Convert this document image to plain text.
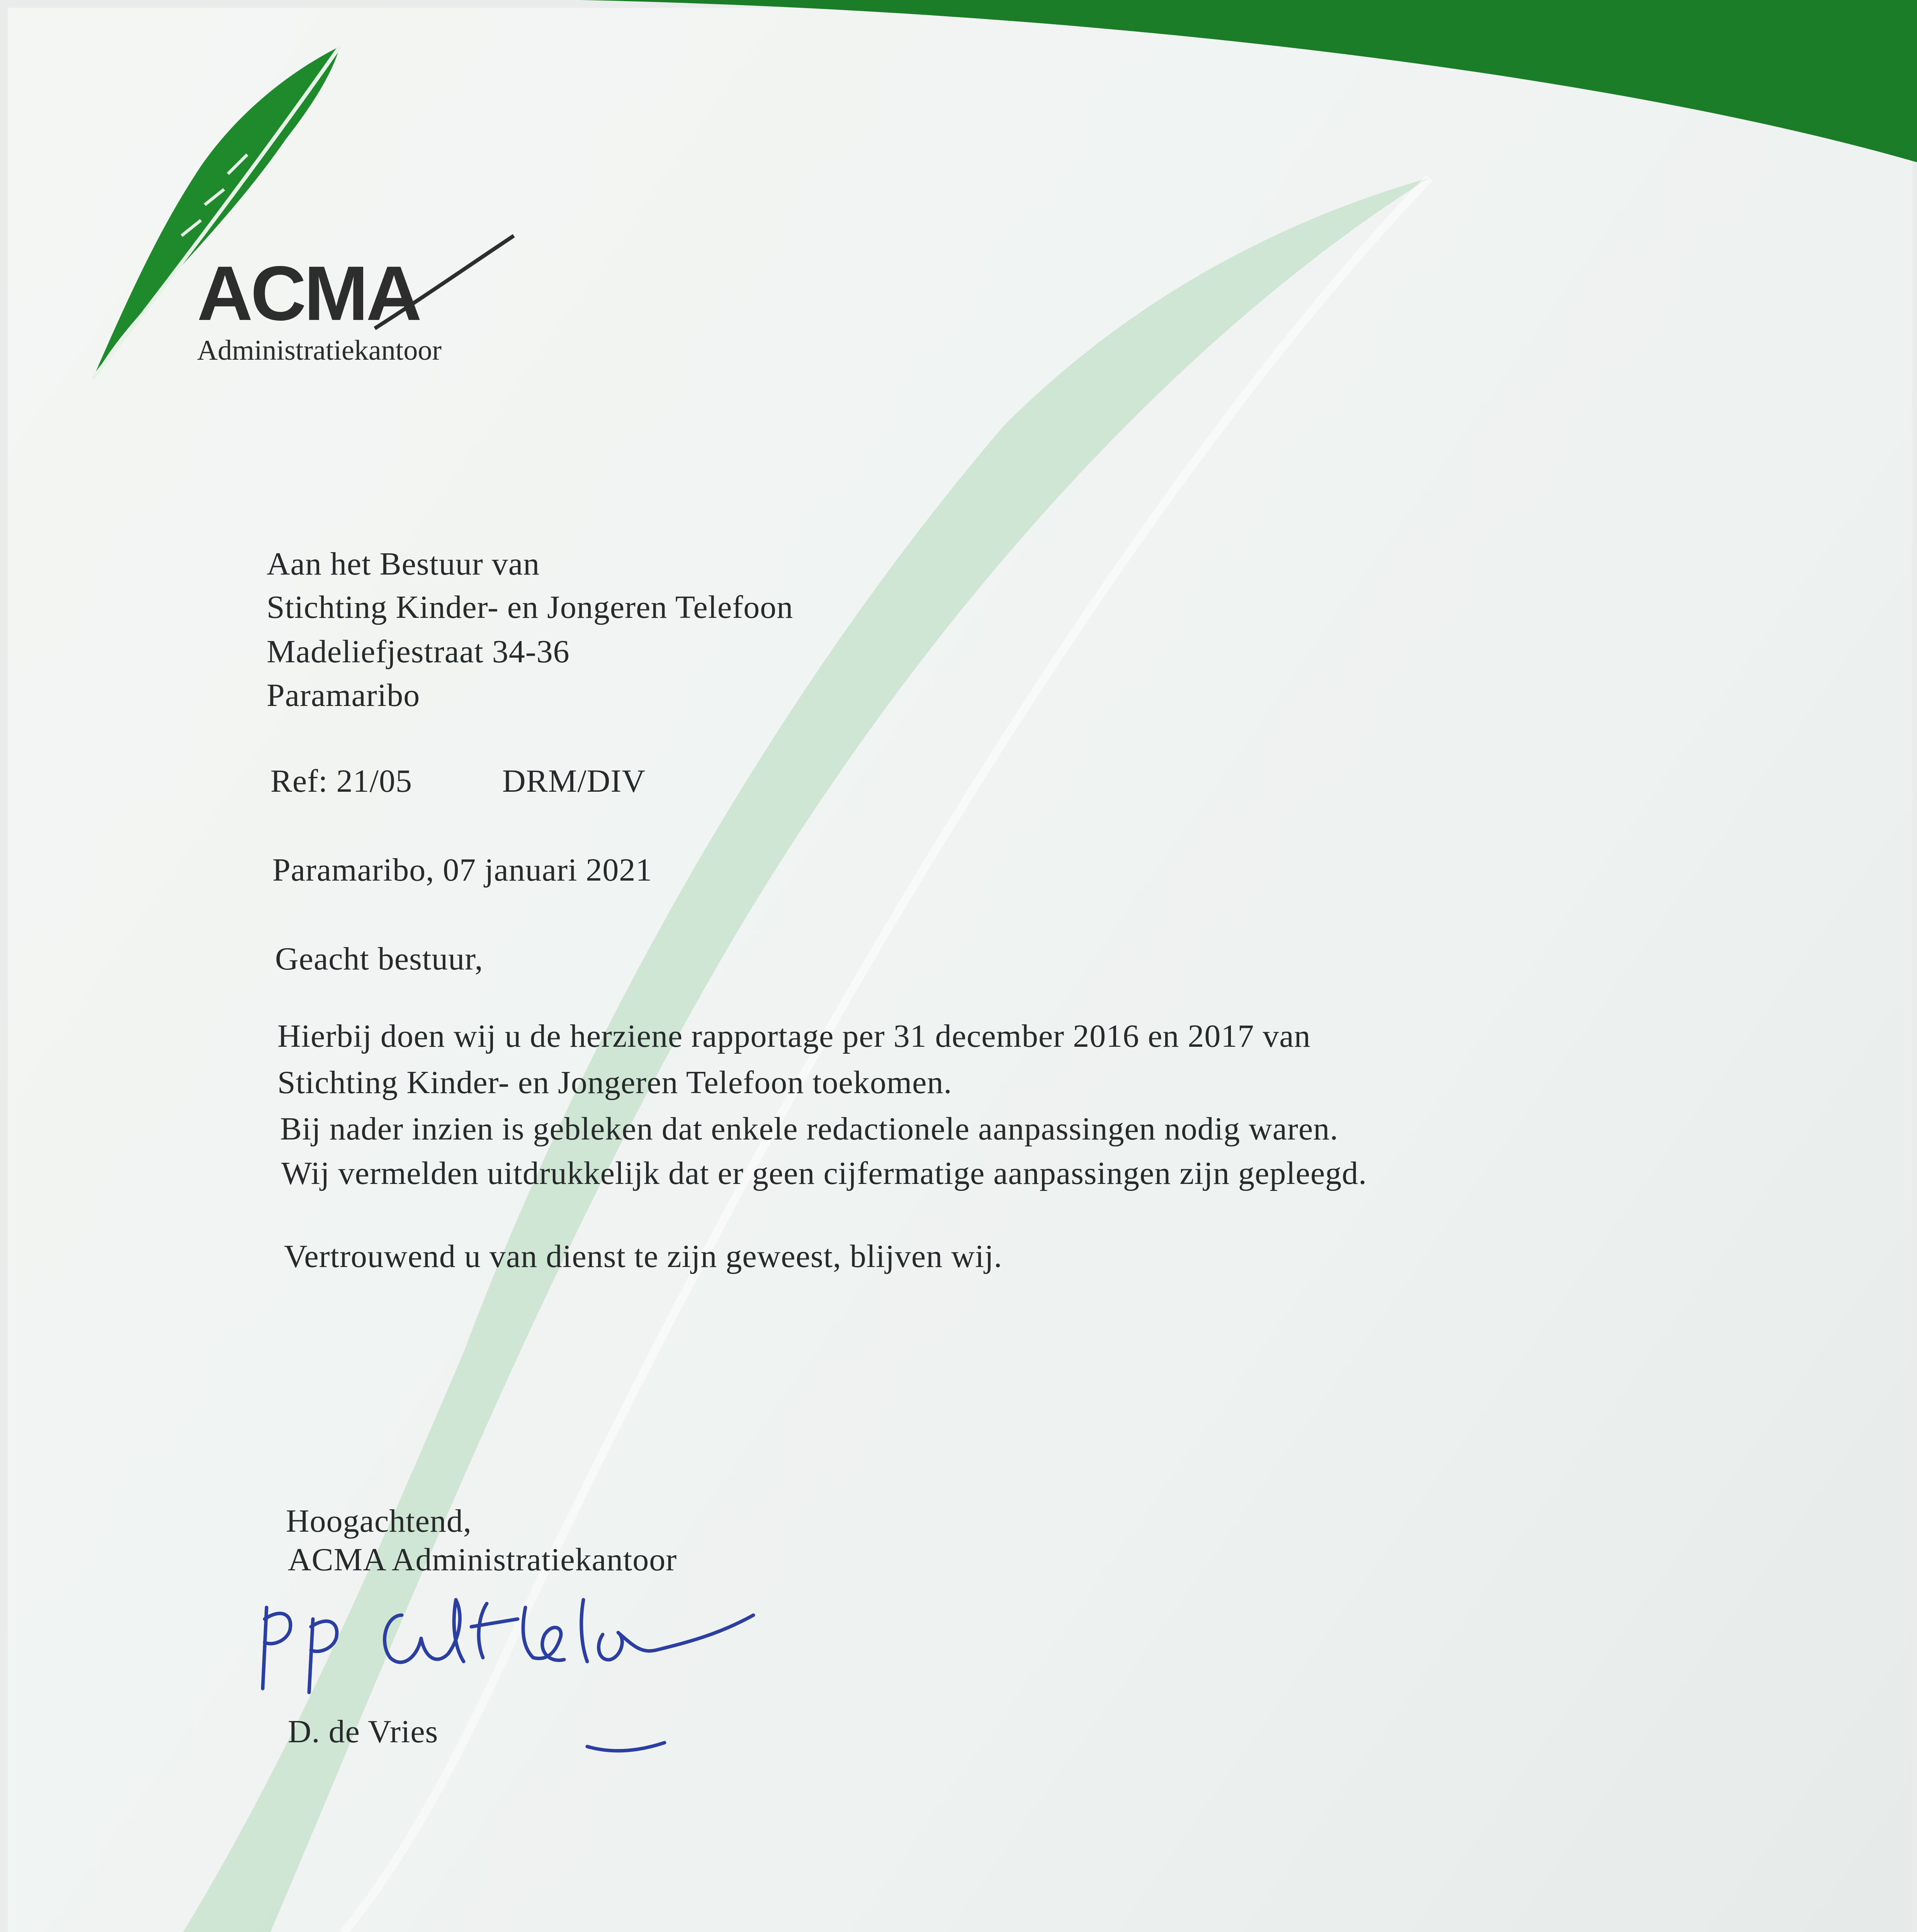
ACMA
Administratiekantoor
Aan het Bestuur van
Stichting Kinder- en Jongeren Telefoon
Madeliefjestraat 34-36
Paramaribo
Ref: 21/05	DRM/DIV
Paramaribo, 07 januari 2021
Geacht bestuur,
Hierbij doen wij u de herziene rapportage per 31 december 2016 en 2017 van
Stichting Kinder- en Jongeren Telefoon toekomen.
Bij nader inzien is gebleken dat enkele redactionele aanpassingen nodig waren.
Wij vermelden uitdrukkelijk dat er geen cijfermatige aanpassingen zijn gepleegd.
Vertrouwend u van dienst te zijn geweest, blijven wij.
Hoogachtend,
ACMA Administratiekantoor
D. de Vries
